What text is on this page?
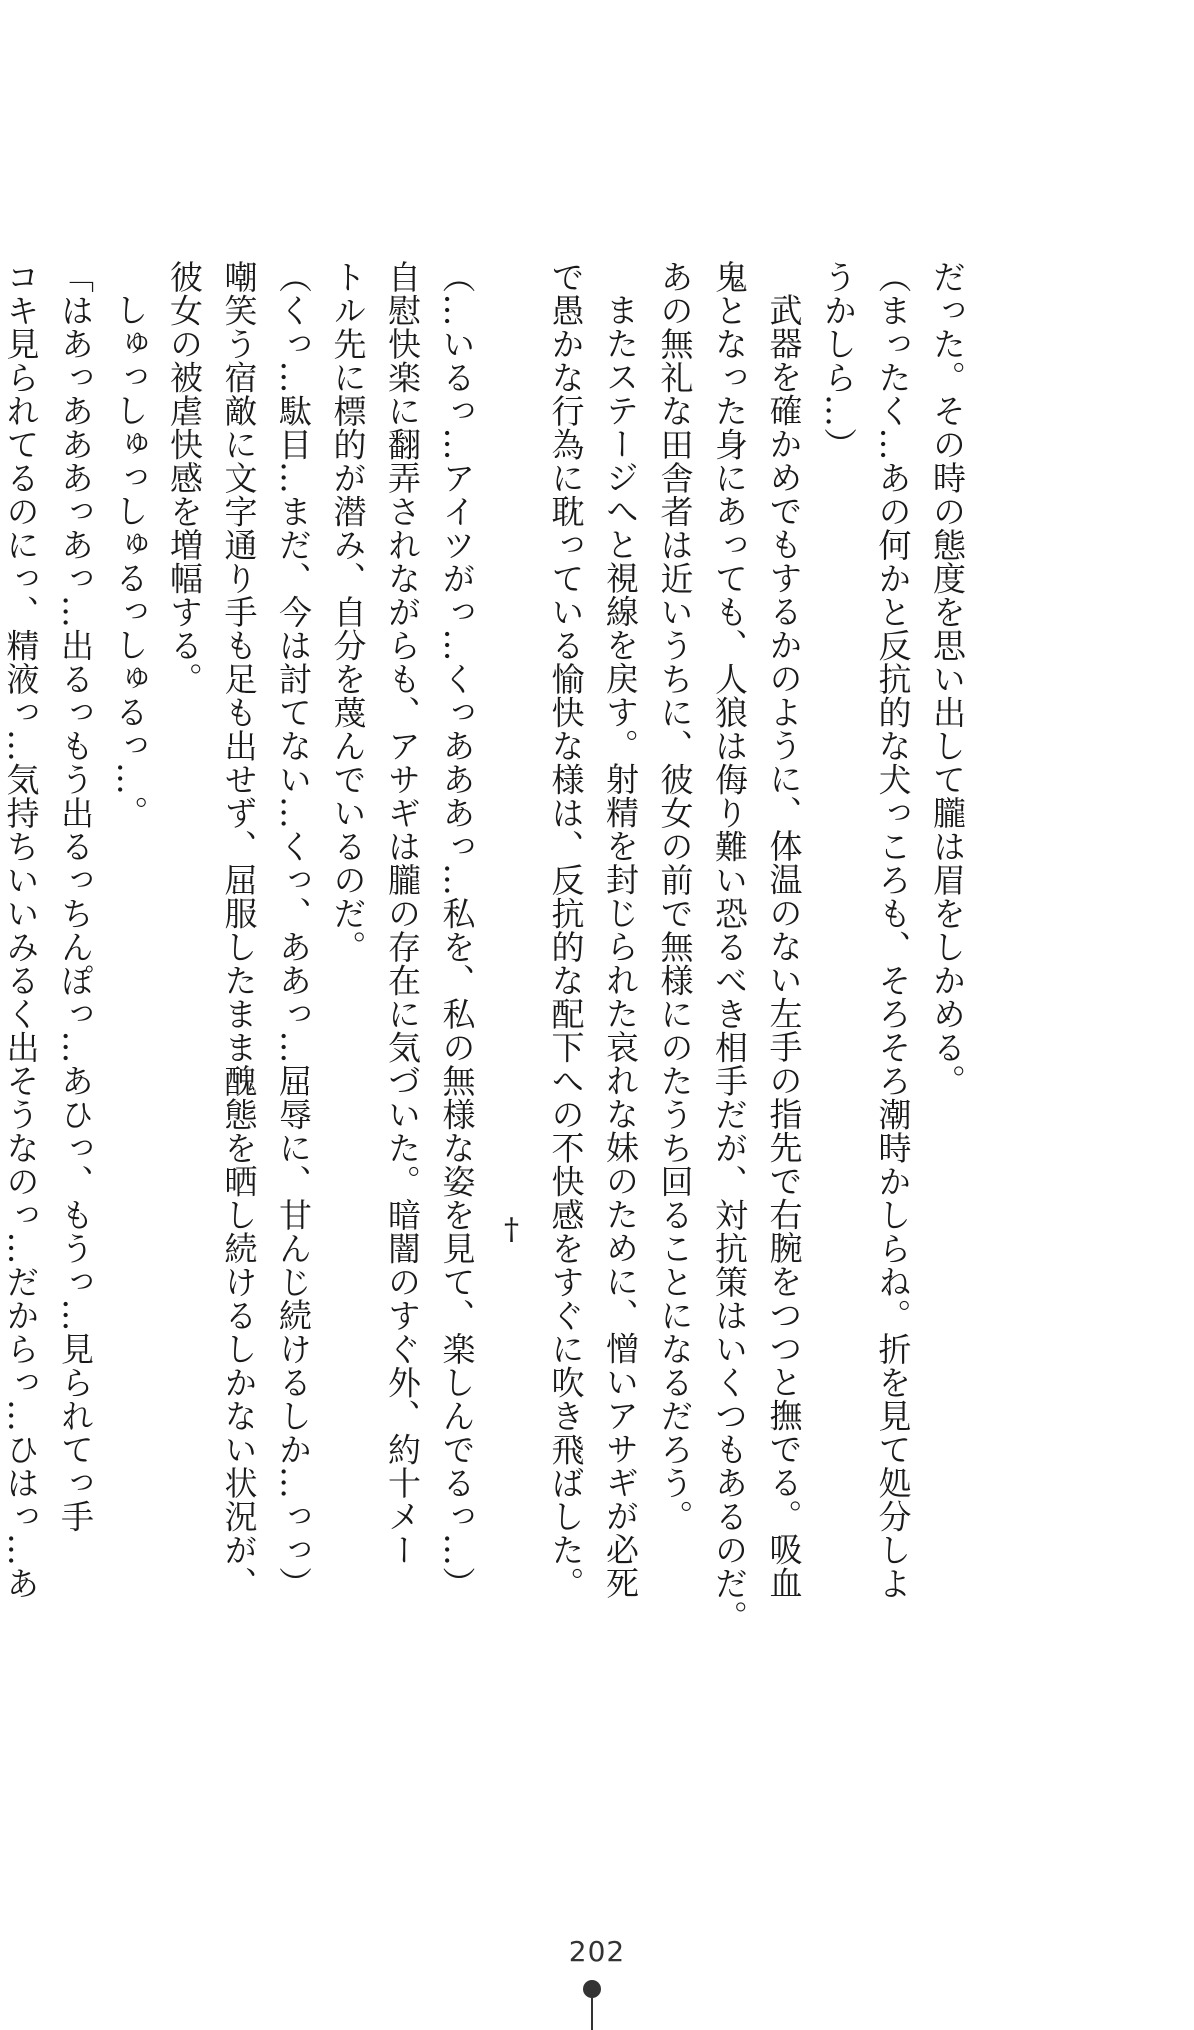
だった。その時の態度を思い出して朧は眉をしかめる。
（まったく…あの何かと反抗的な犬っころも、そろそろ潮時かしらね。折を見て処分しよ
うかしら…）
武器を確かめでもするかのように、体温のない左手の指先で右腕をつつと撫でる。吸血
鬼となった身にあっても、人狼は侮り難い恐るべき相手だが、対抗策はいくつもあるのだ。
あの無礼な田舎者は近いうちに、彼女の前で無様にのたうち回ることになるだろう。
またステージへと視線を戻す。射精を封じられた哀れな妹のために、憎いアサギが必死
で愚かな行為に耽っている愉快な様は、反抗的な配下への不快感をすぐに吹き飛ばした。
†
（…いるっ…アイツがっ…くっあああっ…私を、私の無様な姿を見て、楽しんでるっ…）
自慰快楽に翻弄されながらも、アサギは朧の存在に気づいた。暗闇のすぐ外、約十メー
トル先に標的が潜み、自分を蔑んでいるのだ。
（くっ…駄目…まだ、今は討てない…くっ、ああっ…屈辱に、甘んじ続けるしか…っっ）
嘲笑う宿敵に文字通り手も足も出せず、屈服したまま醜態を晒し続けるしかない状況が、
彼女の被虐快感を増幅する。
しゅっしゅっしゅるっしゅるっ…。
「はあっあああっあっ…出るっもう出るっちんぽっ…あひっ、もうっ…見られてっ手
コキ見られてるのにっ、精液っ…気持ちいいみるく出そうなのっ…だからっ…ひはっ…あ
202
